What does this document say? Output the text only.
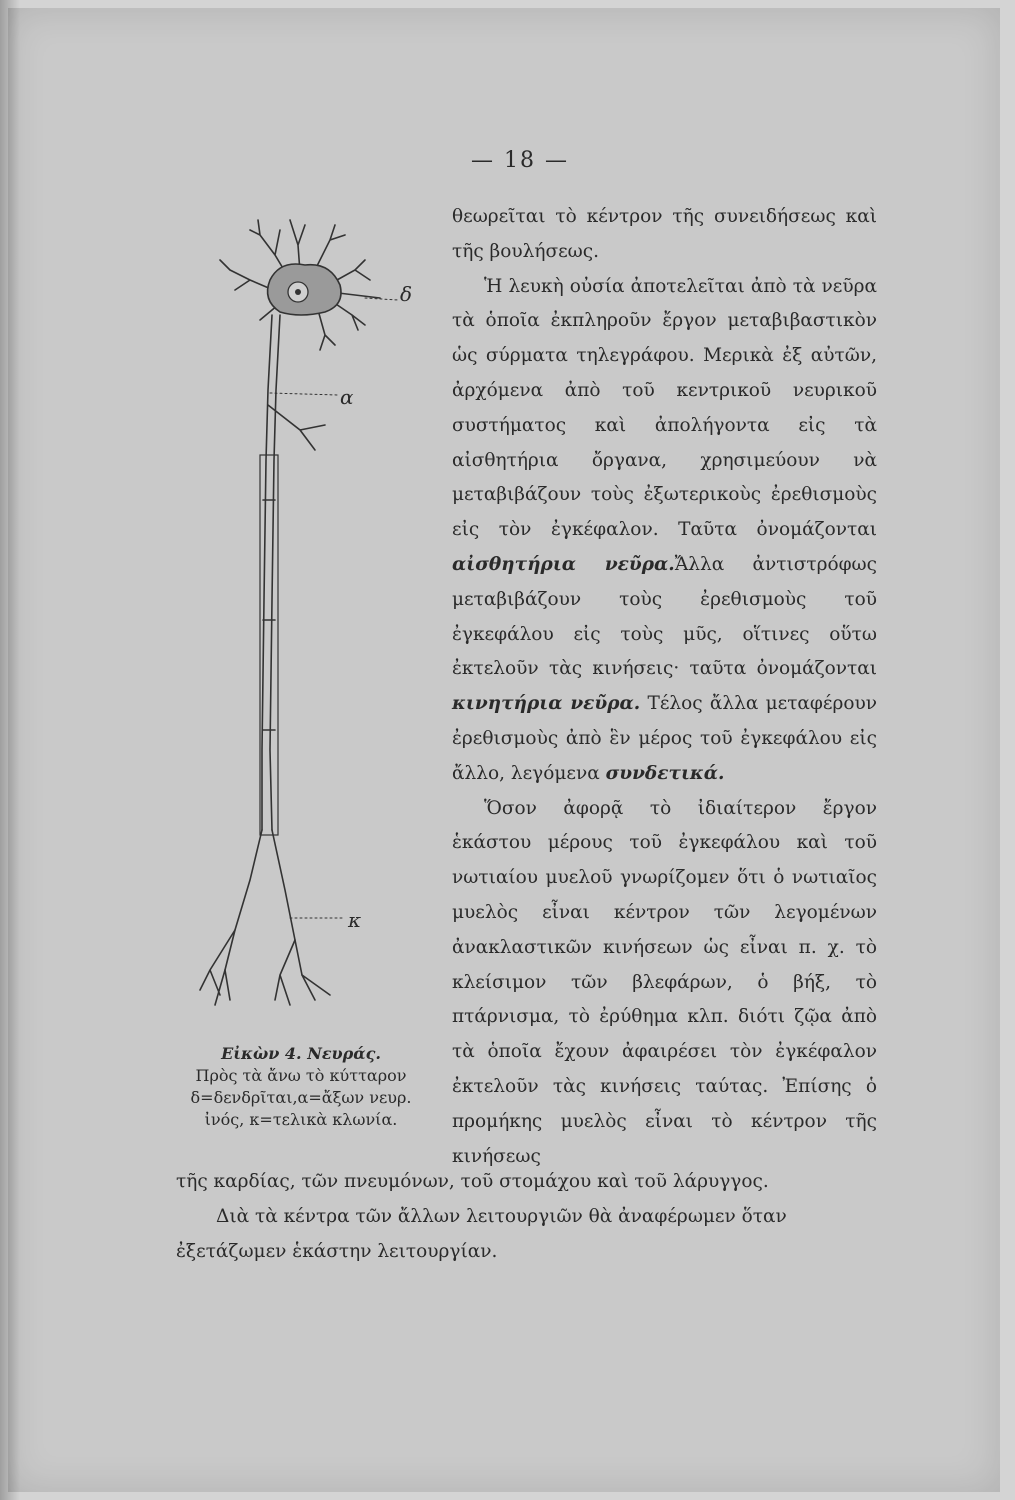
— 18 —
δ
α
κ
Εἰκὼν 4. Νευράς.
Πρὸς τὰ ἄνω τὸ κύτταρον
δ=δενδρῖται,α=ἄξων νευρ.
ἰνός, κ=τελικὰ κλωνία.

θεωρεῖται τὸ κέντρον τῆς συνειδήσεως καὶ τῆς βουλήσεως.

Ἡ λευκὴ οὐσία ἀποτελεῖται ἀπὸ τὰ νεῦρα τὰ ὁποῖα ἐκπληροῦν ἔργον μεταβιβαστικὸν ὡς σύρματα τηλεγράφου. Μερικὰ ἐξ αὐτῶν, ἀρχόμενα ἀπὸ τοῦ κεντρικοῦ νευρικοῦ συστήματος καὶ ἀπολήγοντα εἰς τὰ αἰσθητήρια ὄργανα, χρησιμεύουν νὰ μεταβιβάζουν τοὺς ἐξωτερικοὺς ἐρεθισμοὺς εἰς τὸν ἐγκέφαλον. Ταῦτα ὀνομάζονται αἰσθητήρια νεῦρα.Ἄλλα ἀντιστρόφως μεταβιβάζουν τοὺς ἐρεθισμοὺς τοῦ ἐγκεφάλου εἰς τοὺς μῦς, οἵτινες οὕτω ἐκτελοῦν τὰς κινήσεις· ταῦτα ὀνομάζονται κινητήρια νεῦρα. Τέλος ἄλλα μεταφέρουν ἐρεθισμοὺς ἀπὸ ἓν μέρος τοῦ ἐγκεφάλου εἰς ἄλλο, λεγόμενα συνδετικά.

Ὅσον ἀφορᾷ τὸ ἰδιαίτερον ἔργον ἑκάστου μέρους τοῦ ἐγκεφάλου καὶ τοῦ νωτιαίου μυελοῦ γνωρίζομεν ὅτι ὁ νωτιαῖος μυελὸς εἶναι κέντρον τῶν λεγομένων ἀνακλαστικῶν κινήσεων ὡς εἶναι π. χ. τὸ κλείσιμον τῶν βλεφάρων, ὁ βήξ, τὸ πτάρνισμα, τὸ ἐρύθημα κλπ. διότι ζῷα ἀπὸ τὰ ὁποῖα ἔχουν ἀφαιρέσει τὸν ἐγκέφαλον ἐκτελοῦν τὰς κινήσεις ταύτας. Ἐπίσης ὁ προμήκης μυελὸς εἶναι τὸ κέντρον τῆς κινήσεως

τῆς καρδίας, τῶν πνευμόνων, τοῦ στομάχου καὶ τοῦ λάρυγγος.

Διὰ τὰ κέντρα τῶν ἄλλων λειτουργιῶν θὰ ἀναφέρωμεν ὅταν ἐξετάζωμεν ἑκάστην λειτουργίαν.
